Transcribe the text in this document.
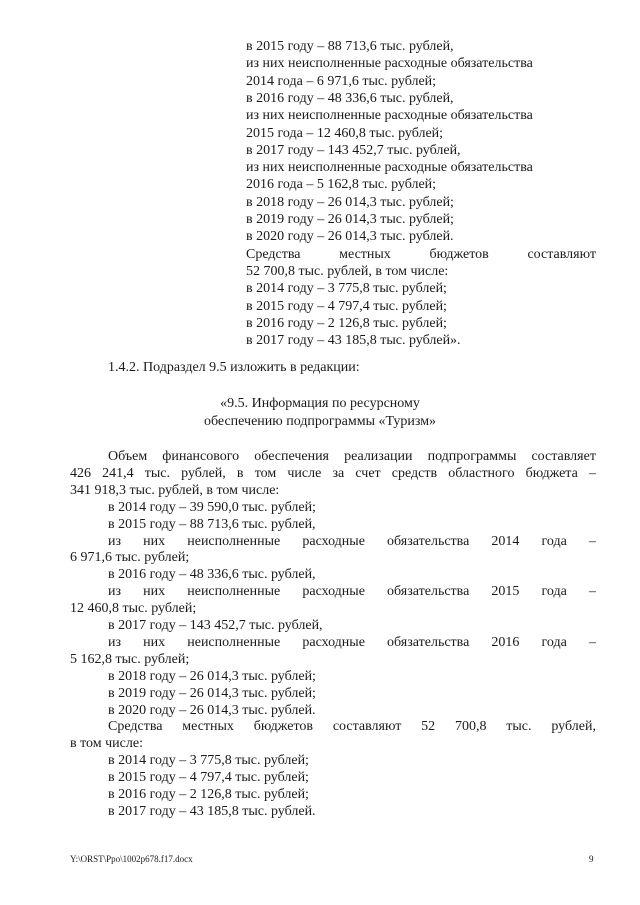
в 2015 году – 88 713,6 тыс. рублей,
из них неисполненные расходные обязательства
2014 года – 6 971,6 тыс. рублей;
в 2016 году – 48 336,6 тыс. рублей,
из них неисполненные расходные обязательства
2015 года – 12 460,8 тыс. рублей;
в 2017 году – 143 452,7 тыс. рублей,
из них неисполненные расходные обязательства
2016 года – 5 162,8 тыс. рублей;
в 2018 году – 26 014,3 тыс. рублей;
в 2019 году – 26 014,3 тыс. рублей;
в 2020 году – 26 014,3 тыс. рублей.
Средства	местных	бюджетов	составляют
52 700,8 тыс. рублей, в том числе:
в 2014 году – 3 775,8 тыс. рублей;
в 2015 году – 4 797,4 тыс. рублей;
в 2016 году – 2 126,8 тыс. рублей;
в 2017 году – 43 185,8 тыс. рублей».
1.4.2. Подраздел 9.5 изложить в редакции:
«9.5. Информация по ресурсному
обеспечению подпрограммы «Туризм»
Объем финансового обеспечения реализации подпрограммы составляет
426 241,4 тыс. рублей, в том числе за счет средств областного бюджета –
341 918,3 тыс. рублей, в том числе:
в 2014 году – 39 590,0 тыс. рублей;
в 2015 году – 88 713,6 тыс. рублей,
из них неисполненные расходные обязательства 2014 года –
6 971,6 тыс. рублей;
в 2016 году – 48 336,6 тыс. рублей,
из них неисполненные расходные обязательства 2015 года –
12 460,8 тыс. рублей;
в 2017 году – 143 452,7 тыс. рублей,
из них неисполненные расходные обязательства 2016 года –
5 162,8 тыс. рублей;
в 2018 году – 26 014,3 тыс. рублей;
в 2019 году – 26 014,3 тыс. рублей;
в 2020 году – 26 014,3 тыс. рублей.
Средства местных бюджетов составляют 52 700,8 тыс. рублей,
в том числе:
в 2014 году – 3 775,8 тыс. рублей;
в 2015 году – 4 797,4 тыс. рублей;
в 2016 году – 2 126,8 тыс. рублей;
в 2017 году – 43 185,8 тыс. рублей.
Y:\ORST\Ppo\1002p678.f17.docx	9
